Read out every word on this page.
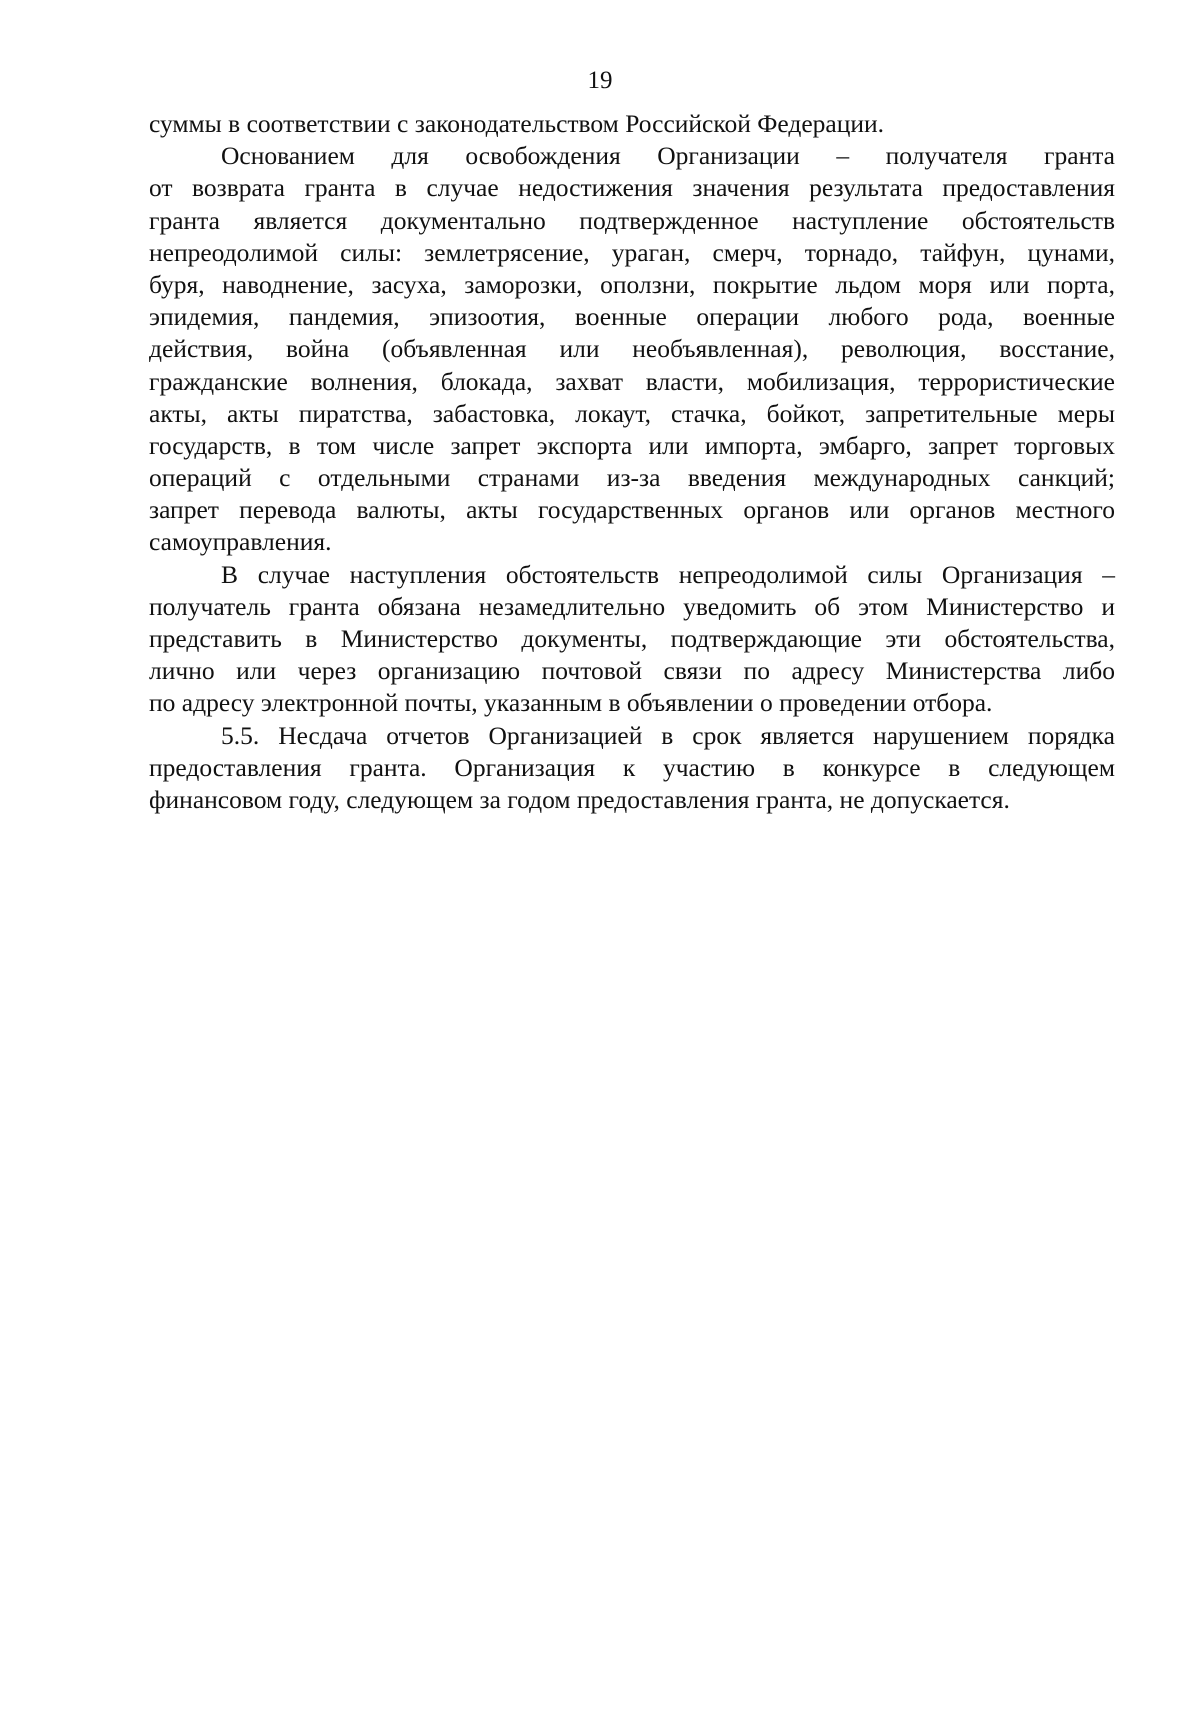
19
суммы в соответствии с законодательством Российской Федерации.
Основанием для освобождения Организации – получателя гранта
от возврата гранта в случае недостижения значения результата предоставления
гранта является документально подтвержденное наступление обстоятельств
непреодолимой силы: землетрясение, ураган, смерч, торнадо, тайфун, цунами,
буря, наводнение, засуха, заморозки, оползни, покрытие льдом моря или порта,
эпидемия, пандемия, эпизоотия, военные операции любого рода, военные
действия, война (объявленная или необъявленная), революция, восстание,
гражданские волнения, блокада, захват власти, мобилизация, террористические
акты, акты пиратства, забастовка, локаут, стачка, бойкот, запретительные меры
государств, в том числе запрет экспорта или импорта, эмбарго, запрет торговых
операций с отдельными странами из-за введения международных санкций;
запрет перевода валюты, акты государственных органов или органов местного
самоуправления.
В случае наступления обстоятельств непреодолимой силы Организация –
получатель гранта обязана незамедлительно уведомить об этом Министерство и
представить в Министерство документы, подтверждающие эти обстоятельства,
лично или через организацию почтовой связи по адресу Министерства либо
по адресу электронной почты, указанным в объявлении о проведении отбора.
5.5. Несдача отчетов Организацией в срок является нарушением порядка
предоставления гранта. Организация к участию в конкурсе в следующем
финансовом году, следующем за годом предоставления гранта, не допускается.
